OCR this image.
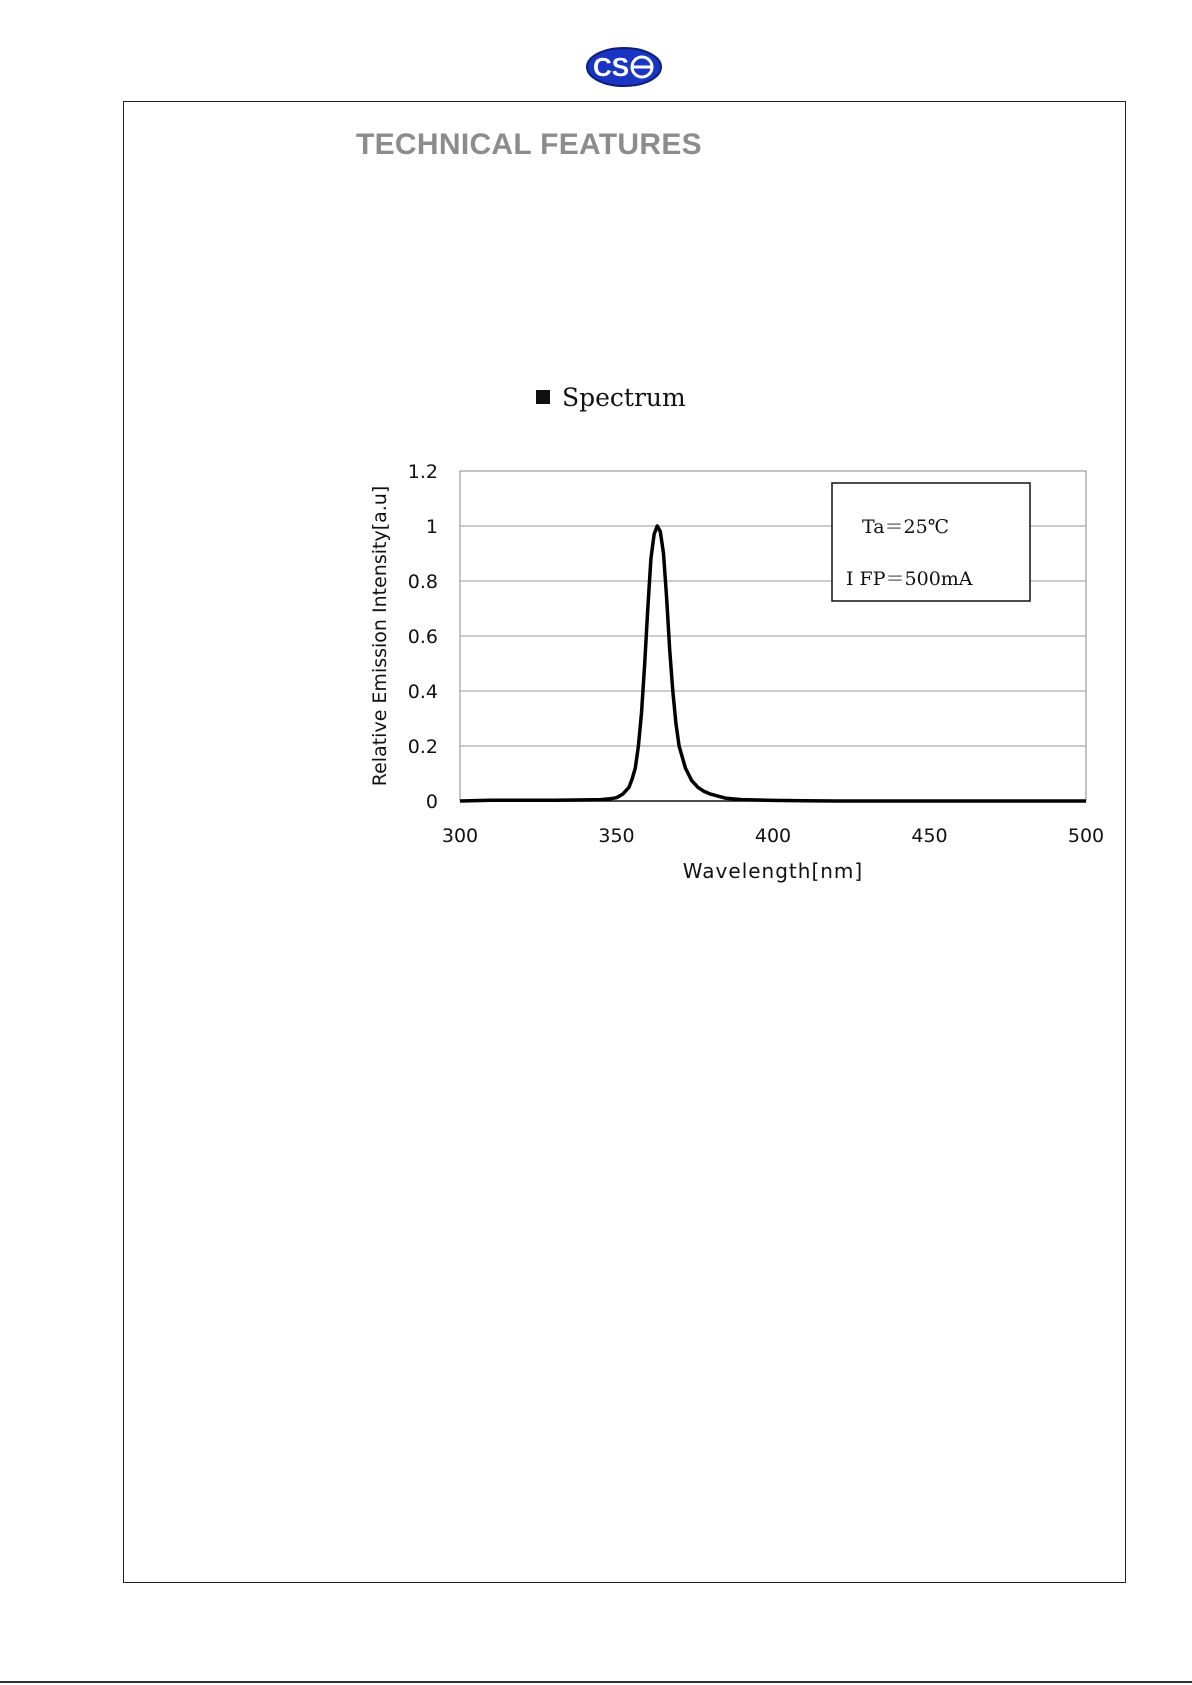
CS
TECHNICAL FEATURES
Spectrum
0
0.2
0.4
0.6
0.8
1
1.2
300	350	400	450	500
Ta＝25℃
I FP＝500mA
Wavelength[nm]
Relative Emission Intensity[a.u]
